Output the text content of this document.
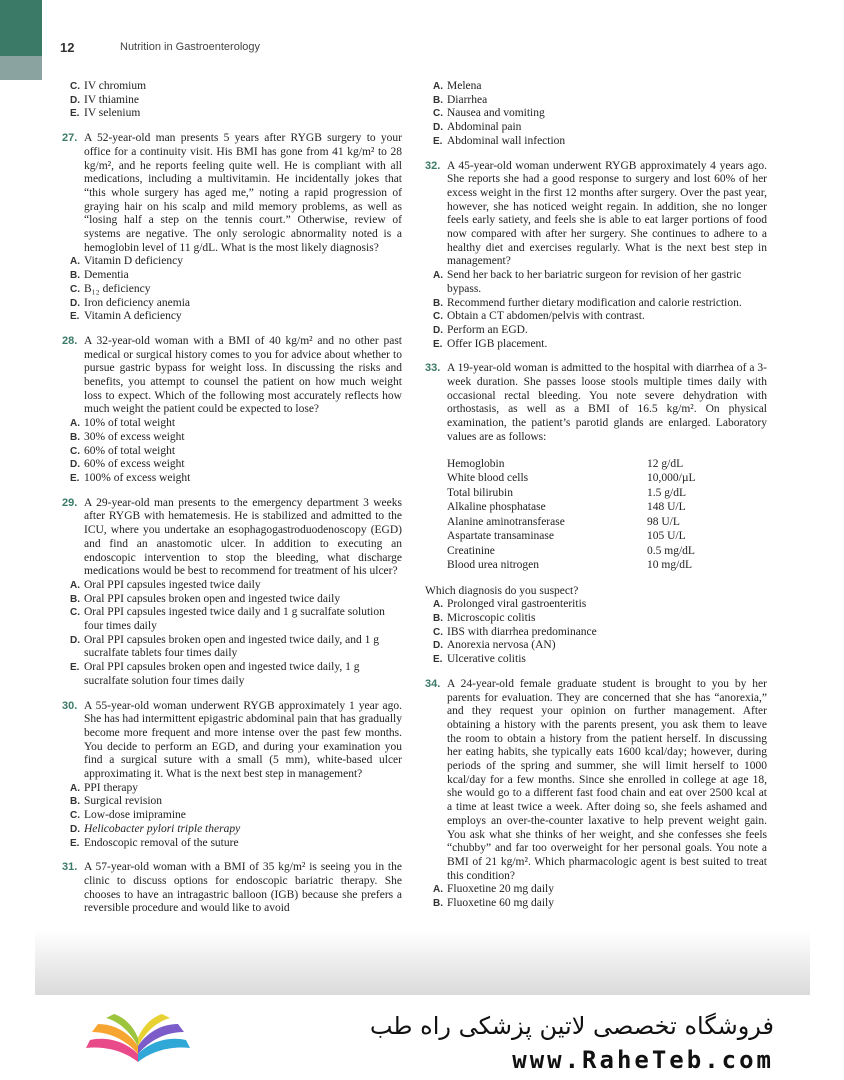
12	Nutrition in Gastroenterology
C. IV chromium
D. IV thiamine
E. IV selenium
27. A 52-year-old man presents 5 years after RYGB surgery to your office for a continuity visit. His BMI has gone from 41 kg/m² to 28 kg/m², and he reports feeling quite well. He is compliant with all medications, including a multivitamin. He incidentally jokes that “this whole surgery has aged me,” noting a rapid progression of graying hair on his scalp and mild memory problems, as well as “losing half a step on the tennis court.” Otherwise, review of systems are negative. The only serologic abnormality noted is a hemoglobin level of 11 g/dL. What is the most likely diagnosis?
A. Vitamin D deficiency
B. Dementia
C. B₁₂ deficiency
D. Iron deficiency anemia
E. Vitamin A deficiency
28. A 32-year-old woman with a BMI of 40 kg/m² and no other past medical or surgical history comes to you for advice about whether to pursue gastric bypass for weight loss. In discussing the risks and benefits, you attempt to counsel the patient on how much weight loss to expect. Which of the following most accurately reflects how much weight the patient could be expected to lose?
A. 10% of total weight
B. 30% of excess weight
C. 60% of total weight
D. 60% of excess weight
E. 100% of excess weight
29. A 29-year-old man presents to the emergency department 3 weeks after RYGB with hematemesis. He is stabilized and admitted to the ICU, where you undertake an esophagogastroduodenoscopy (EGD) and find an anastomotic ulcer. In addition to executing an endoscopic intervention to stop the bleeding, what discharge medications would be best to recommend for treatment of his ulcer?
A. Oral PPI capsules ingested twice daily
B. Oral PPI capsules broken open and ingested twice daily
C. Oral PPI capsules ingested twice daily and 1 g sucralfate solution four times daily
D. Oral PPI capsules broken open and ingested twice daily, and 1 g sucralfate tablets four times daily
E. Oral PPI capsules broken open and ingested twice daily, 1 g sucralfate solution four times daily
30. A 55-year-old woman underwent RYGB approximately 1 year ago. She has had intermittent epigastric abdominal pain that has gradually become more frequent and more intense over the past few months. You decide to perform an EGD, and during your examination you find a surgical suture with a small (5 mm), white-based ulcer approximating it. What is the next best step in management?
A. PPI therapy
B. Surgical revision
C. Low-dose imipramine
D. Helicobacter pylori triple therapy
E. Endoscopic removal of the suture
31. A 57-year-old woman with a BMI of 35 kg/m² is seeing you in the clinic to discuss options for endoscopic bariatric therapy. She chooses to have an intragastric balloon (IGB) because she prefers a reversible procedure and would like to avoid
A. Melena
B. Diarrhea
C. Nausea and vomiting
D. Abdominal pain
E. Abdominal wall infection
32. A 45-year-old woman underwent RYGB approximately 4 years ago. She reports she had a good response to surgery and lost 60% of her excess weight in the first 12 months after surgery. Over the past year, however, she has noticed weight regain. In addition, she no longer feels early satiety, and feels she is able to eat larger portions of food now compared with after her surgery. She continues to adhere to a healthy diet and exercises regularly. What is the next best step in management?
A. Send her back to her bariatric surgeon for revision of her gastric bypass.
B. Recommend further dietary modification and calorie restriction.
C. Obtain a CT abdomen/pelvis with contrast.
D. Perform an EGD.
E. Offer IGB placement.
33. A 19-year-old woman is admitted to the hospital with diarrhea of a 3-week duration. She passes loose stools multiple times daily with occasional rectal bleeding. You note severe dehydration with orthostasis, as well as a BMI of 16.5 kg/m². On physical examination, the patient’s parotid glands are enlarged. Laboratory values are as follows:
Hemoglobin	12 g/dL
White blood cells	10,000/µL
Total bilirubin	1.5 g/dL
Alkaline phosphatase	148 U/L
Alanine aminotransferase	98 U/L
Aspartate transaminase	105 U/L
Creatinine	0.5 mg/dL
Blood urea nitrogen	10 mg/dL
Which diagnosis do you suspect?
A. Prolonged viral gastroenteritis
B. Microscopic colitis
C. IBS with diarrhea predominance
D. Anorexia nervosa (AN)
E. Ulcerative colitis
34. A 24-year-old female graduate student is brought to you by her parents for evaluation. They are concerned that she has “anorexia,” and they request your opinion on further management. After obtaining a history with the parents present, you ask them to leave the room to obtain a history from the patient herself. In discussing her eating habits, she typically eats 1600 kcal/day; however, during periods of the spring and summer, she will limit herself to 1000 kcal/day for a few months. Since she enrolled in college at age 18, she would go to a different fast food chain and eat over 2500 kcal at a time at least twice a week. After doing so, she feels ashamed and employs an over-the-counter laxative to help prevent weight gain. You ask what she thinks of her weight, and she confesses she feels “chubby” and far too overweight for her personal goals. You note a BMI of 21 kg/m². Which pharmacologic agent is best suited to treat this condition?
A. Fluoxetine 20 mg daily
B. Fluoxetine 60 mg daily
فروشگاه تخصصی لاتین پزشکی راه طب
www.RaheTeb.com
